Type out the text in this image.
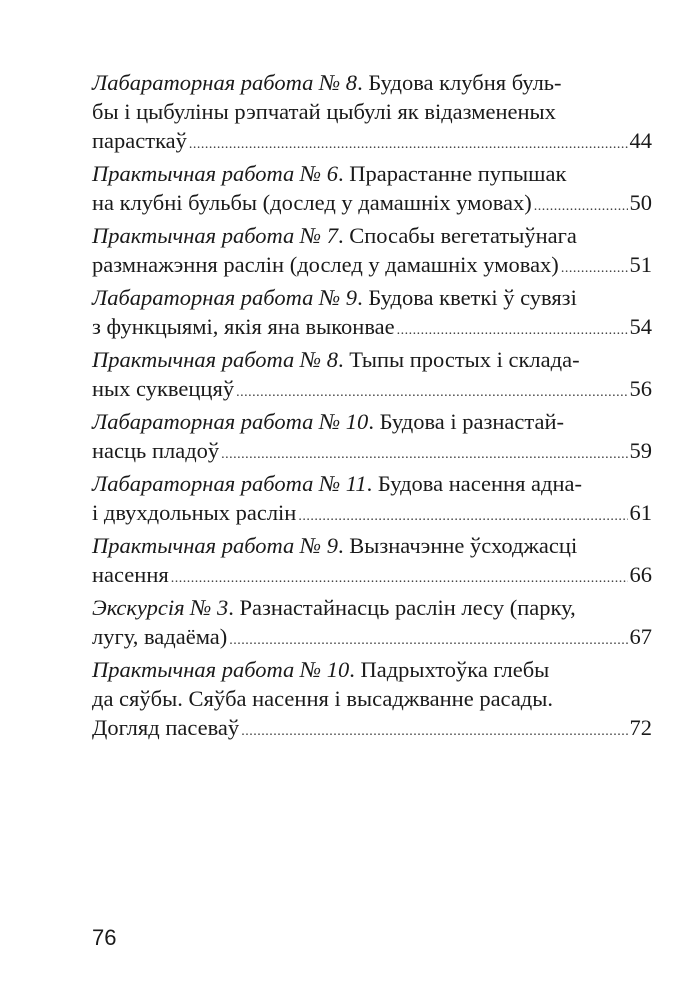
Лабараторная работа № 8. Будова клубня буль-
бы і цыбуліны рэпчатай цыбулі як відазмененых
парасткаў .....	44
Практычная работа № 6. Прарастанне пупышак
на клубні бульбы (дослед у дамашніх умовах) .....	50
Практычная работа № 7. Спосабы вегетатыўнага
размнажэння раслін (дослед у дамашніх умовах) .....	51
Лабараторная работа № 9. Будова кветкі ў сувязі
з функцыямі, якія яна выконвае .....	54
Практычная работа № 8. Тыпы простых і склада-
ных суквеццяў .....	56
Лабараторная работа № 10. Будова і разнастай-
насць пладоў .....	59
Лабараторная работа № 11. Будова насення адна-
і двухдольных раслін .....	61
Практычная работа № 9. Вызначэнне ўсходжасці
насення .....	66
Экскурсія № 3. Разнастайнасць раслін лесу (парку,
лугу, вадаёма) .....	67
Практычная работа № 10. Падрыхтоўка глебы
да сяўбы. Сяўба насення і высаджванне расады.
Догляд пасеваў .....	72
76
